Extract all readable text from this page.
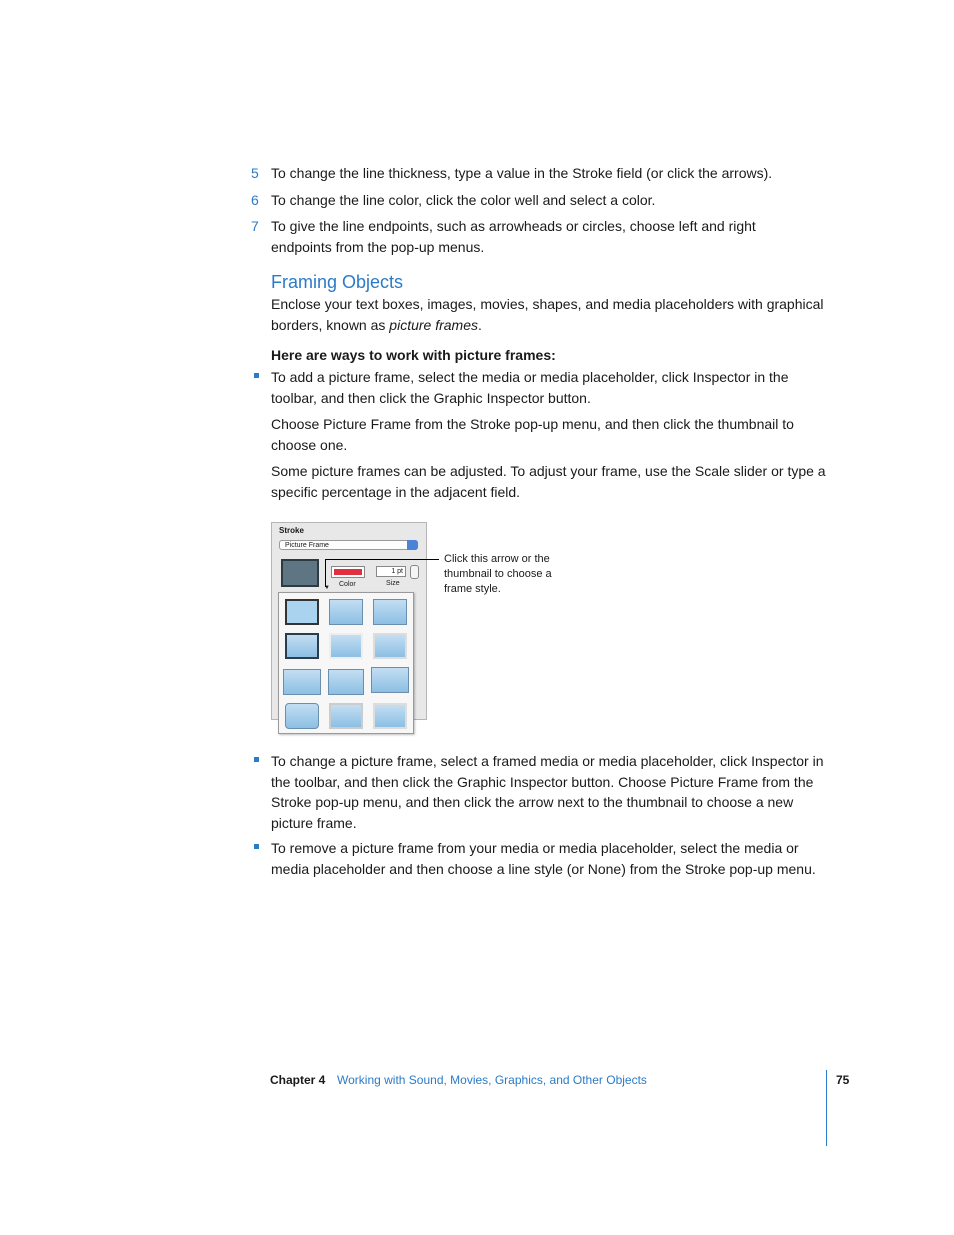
5 To change the line thickness, type a value in the Stroke field (or click the arrows).
6 To change the line color, click the color well and select a color.
7 To give the line endpoints, such as arrowheads or circles, choose left and right endpoints from the pop-up menus.
Framing Objects
Enclose your text boxes, images, movies, shapes, and media placeholders with graphical borders, known as picture frames.
Here are ways to work with picture frames:
To add a picture frame, select the media or media placeholder, click Inspector in the toolbar, and then click the Graphic Inspector button.
Choose Picture Frame from the Stroke pop-up menu, and then click the thumbnail to choose one.
Some picture frames can be adjusted. To adjust your frame, use the Scale slider or type a specific percentage in the adjacent field.
Stroke
Picture Frame
▼ Color
1 pt
Size
Click this arrow or the thumbnail to choose a frame style.
To change a picture frame, select a framed media or media placeholder, click Inspector in the toolbar, and then click the Graphic Inspector button. Choose Picture Frame from the Stroke pop-up menu, and then click the arrow next to the thumbnail to choose a new picture frame.
To remove a picture frame from your media or media placeholder, select the media or media placeholder and then choose a line style (or None) from the Stroke pop-up menu.
Chapter 4 Working with Sound, Movies, Graphics, and Other Objects	75
